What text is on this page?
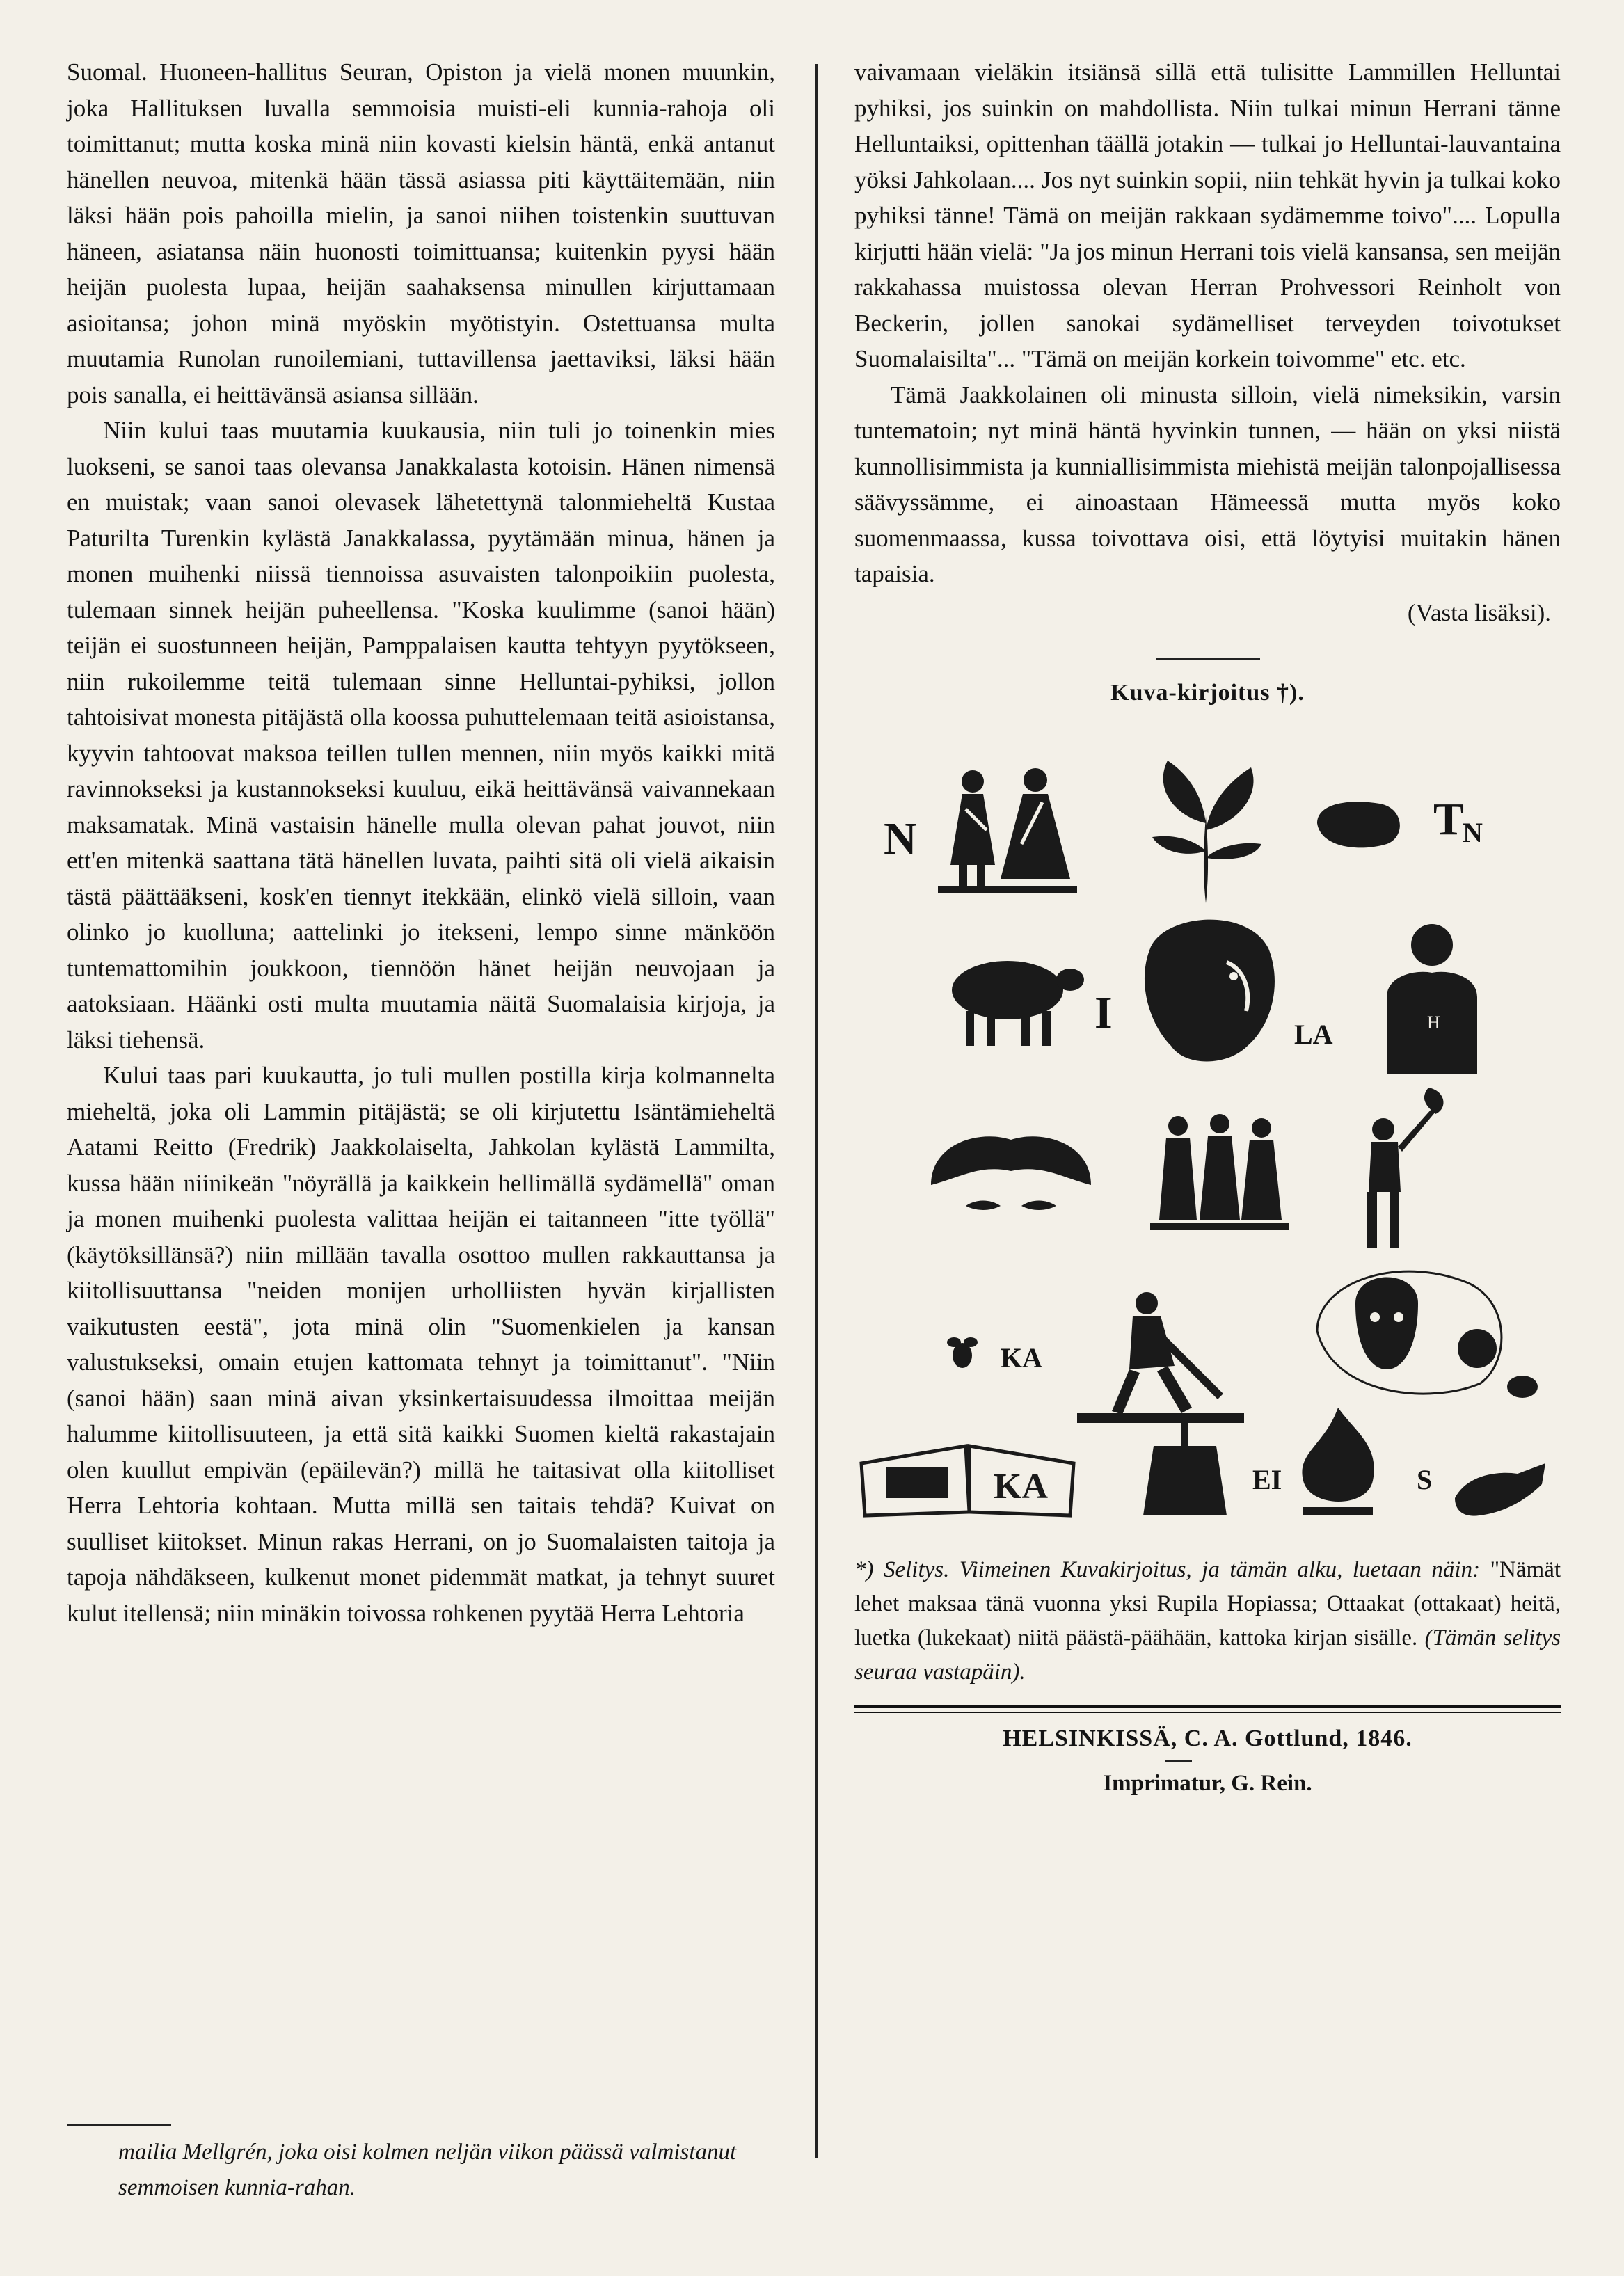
Suomal. Huoneen-hallitus Seuran, Opiston ja vielä monen muunkin, joka Hallituksen luvalla semmoisia muisti-eli kunnia-rahoja oli toimittanut; mutta koska minä niin kovasti kielsin häntä, enkä antanut hänellen neuvoa, mitenkä hään tässä asiassa piti käyttäitemään, niin läksi hään pois pahoilla mielin, ja sanoi niihen toistenkin suuttuvan häneen, asiatansa näin huonosti toimittuansa; kuitenkin pyysi hään heijän puolesta lupaa, heijän saahaksensa minullen kirjuttamaan asioitansa; johon minä myöskin myötistyin. Ostettuansa multa muutamia Runolan runoilemiani, tuttavillensa jaettaviksi, läksi hään pois sanalla, ei heittävänsä asiansa sillään.

Niin kului taas muutamia kuukausia, niin tuli jo toinenkin mies luokseni, se sanoi taas olevansa Janakkalasta kotoisin. Hänen nimensä en muistak; vaan sanoi olevasek lähetettynä talonmieheltä Kustaa Paturilta Turenkin kylästä Janakkalassa, pyytämään minua, hänen ja monen muihenki niissä tiennoissa asuvaisten talonpoikiin puolesta, tulemaan sinnek heijän puheellensa. "Koska kuulimme (sanoi hään) teijän ei suostunneen heijän, Pamppalaisen kautta tehtyyn pyytökseen, niin rukoilemme teitä tulemaan sinne Helluntai-pyhiksi, jollon tahtoisivat monesta pitäjästä olla koossa puhuttelemaan teitä asioistansa, kyyvin tahtoovat maksoa teillen tullen mennen, niin myös kaikki mitä ravinnokseksi ja kustannokseksi kuuluu, eikä heittävänsä vaivannekaan maksamatak. Minä vastaisin hänelle mulla olevan pahat jouvot, niin ett'en mitenkä saattana tätä hänellen luvata, paihti sitä oli vielä aikaisin tästä päättääkseni, kosk'en tiennyt itekkään, elinkö vielä silloin, vaan olinko jo kuolluna; aattelinki jo itekseni, lempo sinne mänköön tuntemattomihin joukkoon, tiennöön hänet heijän neuvojaan ja aatoksiaan. Häänki osti multa muutamia näitä Suomalaisia kirjoja, ja läksi tiehensä.

Kului taas pari kuukautta, jo tuli mullen postilla kirja kolmannelta mieheltä, joka oli Lammin pitäjästä; se oli kirjutettu Isäntämieheltä Aatami Reitto (Fredrik) Jaakkolaiselta, Jahkolan kylästä Lammilta, kussa hään niinikeän "nöyrällä ja kaikkein hellimällä sydämellä" oman ja monen muihenki puolesta valittaa heijän ei taitanneen "itte työllä" (käytöksillänsä?) niin millään tavalla osottoo mullen rakkauttansa ja kiitollisuuttansa "neiden monijen urholliisten hyvän kirjallisten vaikutusten eestä", jota minä olin "Suomenkielen ja kansan valustukseksi, omain etujen kattomata tehnyt ja toimittanut". "Niin (sanoi hään) saan minä aivan yksinkertaisuudessa ilmoittaa meijän halumme kiitollisuuteen, ja että sitä kaikki Suomen kieltä rakastajain olen kuullut empivän (epäilevän?) millä he taitasivat olla kiitolliset Herra Lehtoria kohtaan. Mutta millä sen taitais tehdä? Kuivat on suulliset kiitokset. Minun rakas Herrani, on jo Suomalaisten taitoja ja tapoja nähdäkseen, kulkenut monet pidemmät matkat, ja tehnyt suuret kulut itellensä; niin minäkin toivossa rohkenen pyytää Herra Lehtoria

vaivamaan vieläkin itsiänsä sillä että tulisitte Lammillen Helluntai pyhiksi, jos suinkin on mahdollista. Niin tulkai minun Herrani tänne Helluntaiksi, opittenhan täällä jotakin — tulkai jo Helluntai-lauvantaina yöksi Jahkolaan.... Jos nyt suinkin sopii, niin tehkät hyvin ja tulkai koko pyhiksi tänne! Tämä on meijän rakkaan sydämemme toivo".... Lopulla kirjutti hään vielä: "Ja jos minun Herrani tois vielä kansansa, sen meijän rakkahassa muistossa olevan Herran Prohvessori Reinholt von Beckerin, jollen sanokai sydämelliset terveyden toivotukset Suomalaisilta"... "Tämä on meijän korkein toivomme" etc. etc.

Tämä Jaakkolainen oli minusta silloin, vielä nimeksikin, varsin tuntematoin; nyt minä häntä hyvinkin tunnen, — hään on yksi niistä kunnollisimmista ja kunniallisimmista miehistä meijän talonpojallisessa säävyssämme, ei ainoastaan Hämeessä mutta myös koko suomenmaassa, kussa toivottava oisi, että löytyisi muitakin hänen tapaisia.

(Vasta lisäksi).
Kuva-kirjoitus †).
N	T
N
I	LA	H
KA
KA	EI	S
*) Selitys. Viimeinen Kuvakirjoitus, ja tämän alku, luetaan näin: "Nämät lehet maksaa tänä vuonna yksi Rupila Hopiassa; Ottaakat (ottakaat) heitä, luetka (lukekaat) niitä päästä-päähään, kattoka kirjan sisälle. (Tämän selitys seuraa vastapäin).
HELSINKISSÄ, C. A. Gottlund, 1846.
Imprimatur, G. Rein.
mailia Mellgrén, joka oisi kolmen neljän viikon päässä valmistanut semmoisen kunnia-rahan.
